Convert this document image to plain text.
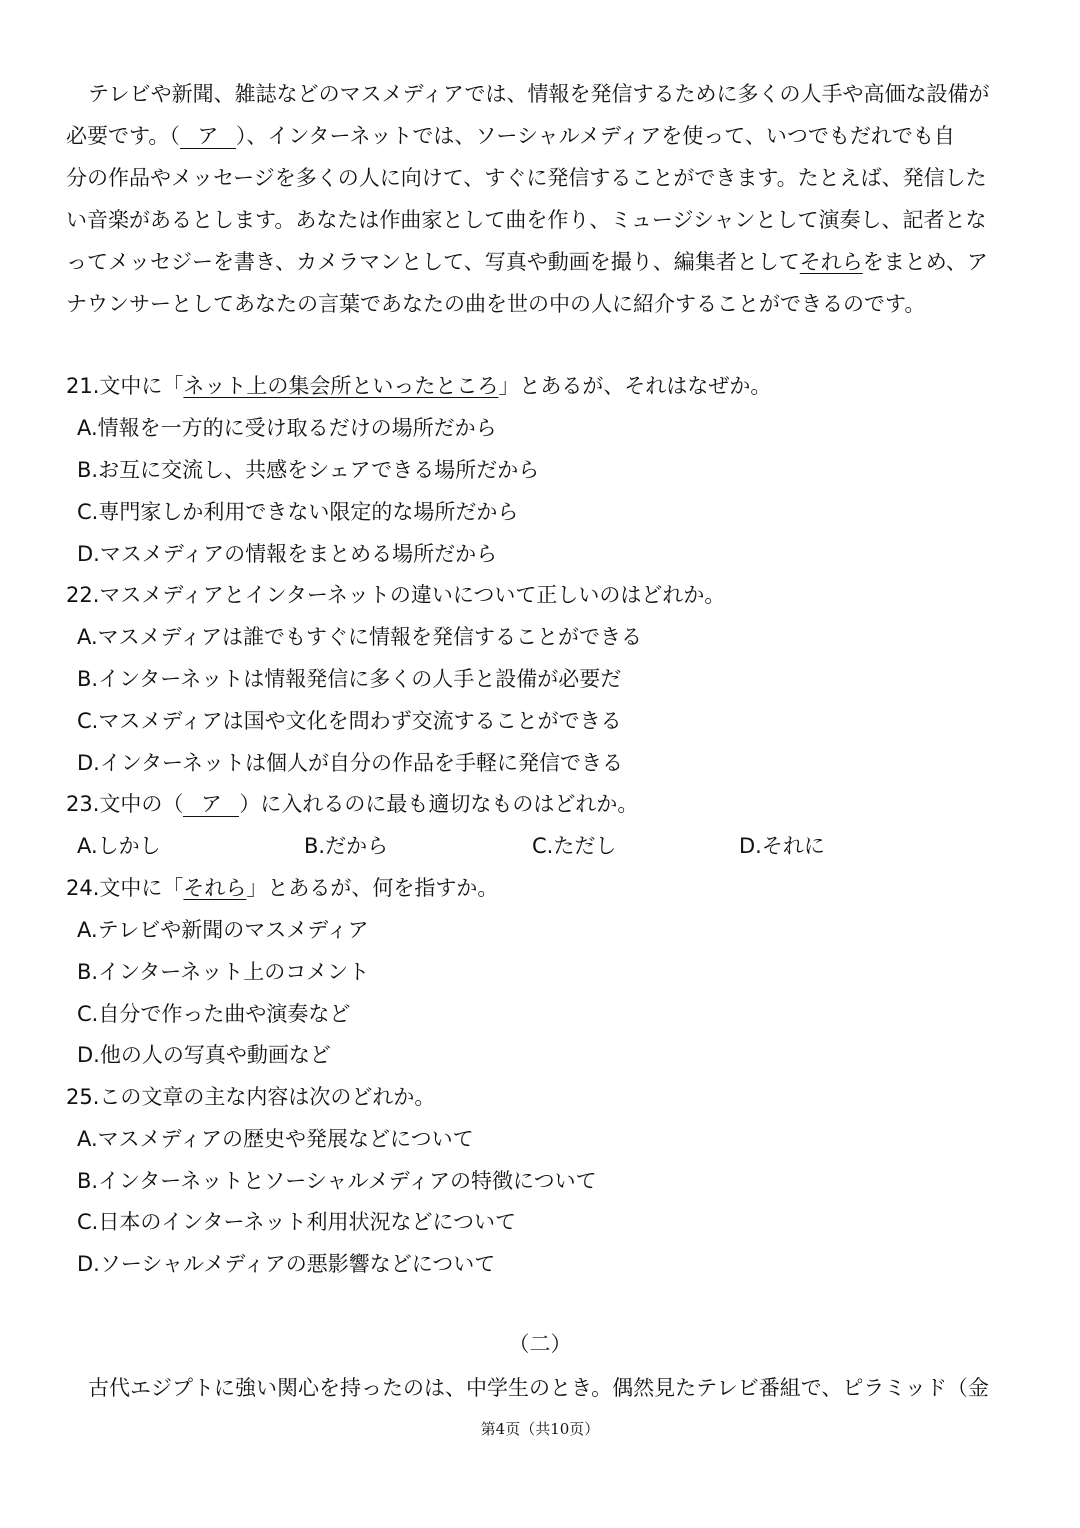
テレビや新聞、雑誌などのマスメディアでは、情報を発信するために多くの人手や高価な設備が
必要です。（ ア ）、インターネットでは、ソーシャルメディアを使って、いつでもだれでも自
分の作品やメッセージを多くの人に向けて、すぐに発信することができます。たとえば、発信した
い音楽があるとします。あなたは作曲家として曲を作り、ミュージシャンとして演奏し、記者とな
ってメッセジーを書き、カメラマンとして、写真や動画を撮り、編集者としてそれらをまとめ、ア
ナウンサーとしてあなたの言葉であなたの曲を世の中の人に紹介することができるのです。
21.文中に「ネット上の集会所といったところ」とあるが、それはなぜか。
A.情報を一方的に受け取るだけの場所だから
B.お互に交流し、共感をシェアできる場所だから
C.専門家しか利用できない限定的な場所だから
D.マスメディアの情報をまとめる場所だから
22.マスメディアとインターネットの違いについて正しいのはどれか。
A.マスメディアは誰でもすぐに情報を発信することができる
B.インターネットは情報発信に多くの人手と設備が必要だ
C.マスメディアは国や文化を問わず交流することができる
D.インターネットは個人が自分の作品を手軽に発信できる
23.文中の（ ア ）に入れるのに最も適切なものはどれか。
A.しかし	B.だから	C.ただし	D.それに
24.文中に「それら」とあるが、何を指すか。
A.テレビや新聞のマスメディア
B.インターネット上のコメント
C.自分で作った曲や演奏など
D.他の人の写真や動画など
25.この文章の主な内容は次のどれか。
A.マスメディアの歴史や発展などについて
B.インターネットとソーシャルメディアの特徴について
C.日本のインターネット利用状況などについて
D.ソーシャルメディアの悪影響などについて
（二）
古代エジプトに強い関心を持ったのは、中学生のとき。偶然見たテレビ番組で、ピラミッド（金
第4页（共10页）
